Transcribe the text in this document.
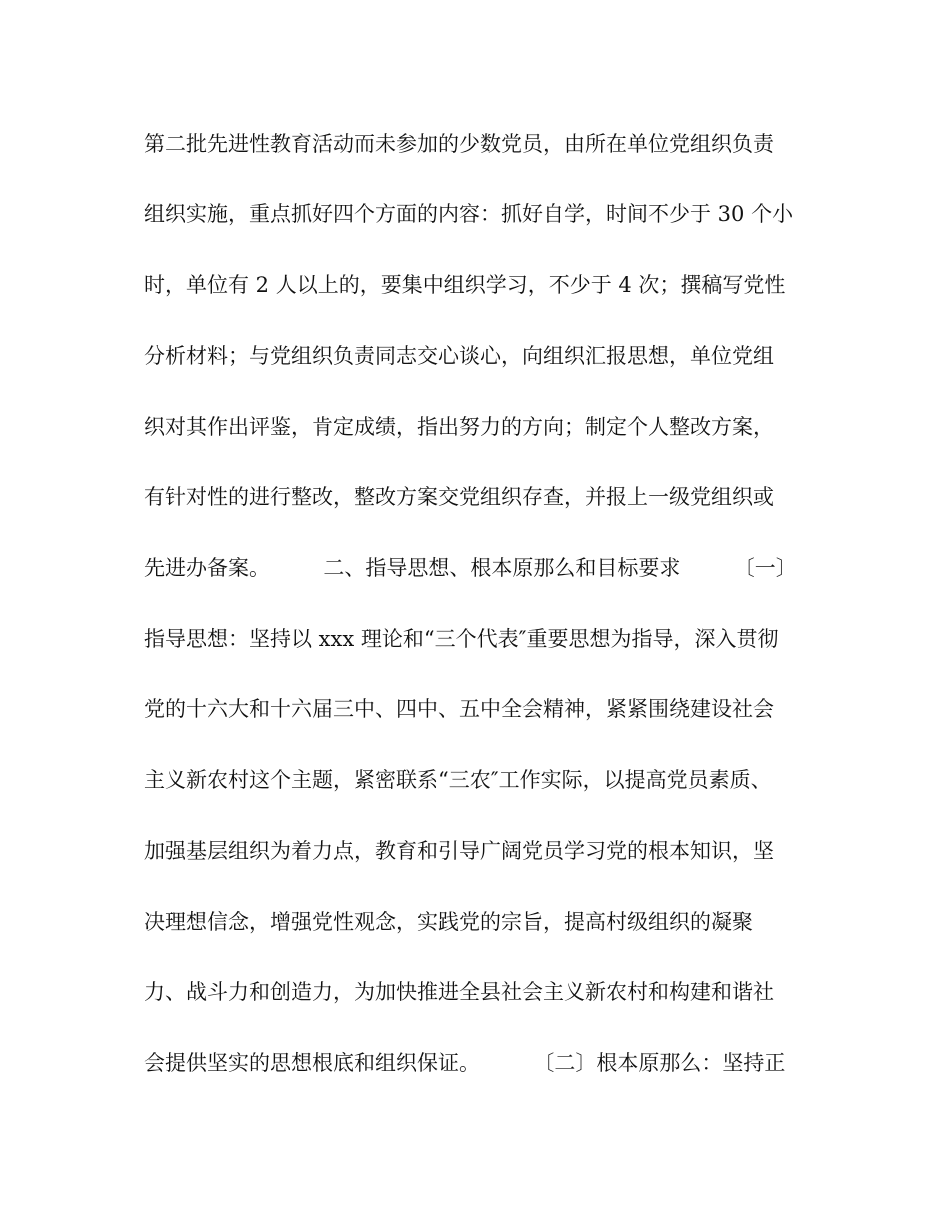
第二批先进性教育活动而未参加的少数党员，由所在单位党组织负责
组织实施，重点抓好四个方面的内容：抓好自学，时间不少于 30 个小
时，单位有 2 人以上的，要集中组织学习，不少于 4 次；撰稿写党性
分析材料；与党组织负责同志交心谈心，向组织汇报思想，单位党组
织对其作出评鉴，肯定成绩，指出努力的方向；制定个人整改方案，
有针对性的进行整改，整改方案交党组织存查，并报上一级党组织或
先进办备案。        二、指导思想、根本原那么和目标要求        〔一〕
指导思想：坚持以 xxx 理论和“三个代表″重要思想为指导，深入贯彻
党的十六大和十六届三中、四中、五中全会精神，紧紧围绕建设社会
主义新农村这个主题，紧密联系“三农″工作实际，以提高党员素质、
加强基层组织为着力点，教育和引导广阔党员学习党的根本知识，坚
决理想信念，增强党性观念，实践党的宗旨，提高村级组织的凝聚
力、战斗力和创造力，为加快推进全县社会主义新农村和构建和谐社
会提供坚实的思想根底和组织保证。        〔二〕根本原那么：坚持正
